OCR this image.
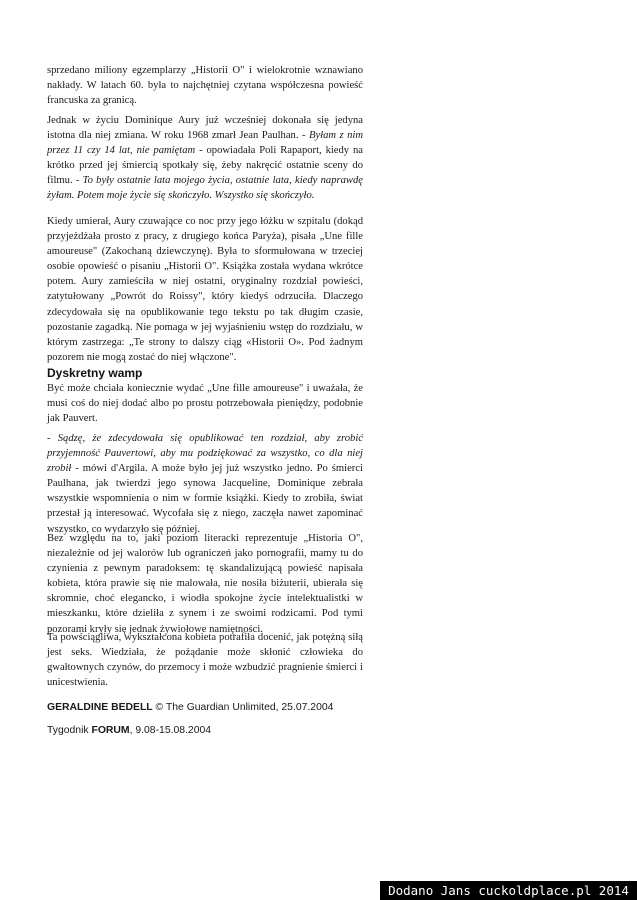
sprzedano miliony egzemplarzy „Historii O" i wielokrotnie wznawiano nakłady. W latach 60. była to najchętniej czytana współczesna powieść francuska za granicą.

Jednak w życiu Dominique Aury już wcześniej dokonała się jedyna istotna dla niej zmiana. W roku 1968 zmarł Jean Paulhan. - Byłam z nim przez 11 czy 14 lat, nie pamiętam - opowiadała Poli Rapaport, kiedy na krótko przed jej śmiercią spotkały się, żeby nakręcić ostatnie sceny do filmu. - To były ostatnie lata mojego życia, ostatnie lata, kiedy naprawdę żyłam. Potem moje życie się skończyło. Wszystko się skończyło.

Kiedy umierał, Aury czuwające co noc przy jego łóżku w szpitalu (dokąd przyjeżdżała prosto z pracy, z drugiego końca Paryża), pisała „Une fille amoureuse" (Zakochaną dziewczynę). Była to sformułowana w trzeciej osobie opowieść o pisaniu „Historii O". Książka została wydana wkrótce potem. Aury zamieściła w niej ostatni, oryginalny rozdział powieści, zatytułowany „Powrót do Roissy", który kiedyś odrzuciła. Dlaczego zdecydowała się na opublikowanie tego tekstu po tak długim czasie, pozostanie zagadką. Nie pomaga w jej wyjaśnieniu wstęp do rozdziału, w którym zastrzega: „Te strony to dalszy ciąg «Historii O». Pod żadnym pozorem nie mogą zostać do niej włączone".

Dyskretny wamp

Być może chciała koniecznie wydać „Une fille amoureuse" i uważała, że musi coś do niej dodać albo po prostu potrzebowała pieniędzy, podobnie jak Pauvert.

- Sądzę, że zdecydowała się opublikować ten rozdział, aby zrobić przyjemność Pauvertowi, aby mu podziękować za wszystko, co dla niej zrobił - mówi d'Argila. A może było jej już wszystko jedno. Po śmierci Paulhana, jak twierdzi jego synowa Jacqueline, Dominique zebrała wszystkie wspomnienia o nim w formie książki. Kiedy to zrobiła, świat przestał ją interesować. Wycofała się z niego, zaczęła nawet zapominać wszystko, co wydarzyło się później.

Bez względu na to, jaki poziom literacki reprezentuje „Historia O", niezależnie od jej walorów lub ograniczeń jako pornografii, mamy tu do czynienia z pewnym paradoksem: tę skandalizującą powieść napisała kobieta, która prawie się nie malowała, nie nosiła biżuterii, ubierała się skromnie, choć elegancko, i wiodła spokojne życie intelektualistki w mieszkanku, które dzieliła z synem i ze swoimi rodzicami. Pod tymi pozorami kryły się jednak żywiołowe namiętności.

Ta powściągliwa, wykształcona kobieta potrafiła docenić, jak potężną siłą jest seks. Wiedziała, że pożądanie może skłonić człowieka do gwałtownych czynów, do przemocy i może wzbudzić pragnienie śmierci i unicestwienia.

GERALDINE BEDELL © The Guardian Unlimited, 25.07.2004
Tygodnik FORUM, 9.08-15.08.2004
Dodano Jans cuckoldplace.pl 2014
